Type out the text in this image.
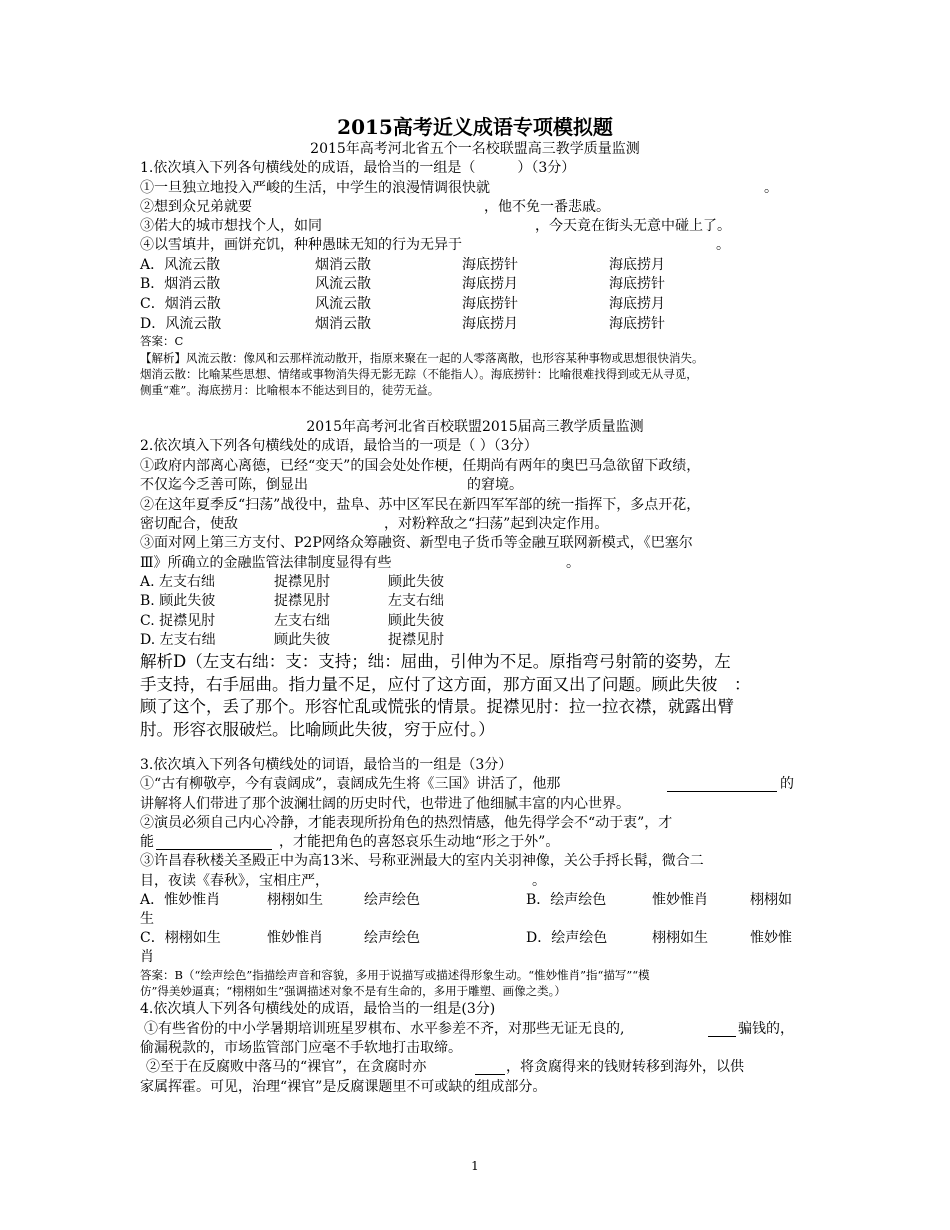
2015高考近义成语专项模拟题
2015年高考河北省五个一名校联盟高三教学质量监测
1.依次填入下列各句横线处的成语，最恰当的一组是（　　　）（3分）
①一旦独立地投入严峻的生活，中学生的浪漫情调很快就	。
②想到众兄弟就要	，他不免一番悲戚。
③偌大的城市想找个人，如同	，今天竟在街头无意中碰上了。
④以雪填井，画饼充饥，种种愚昧无知的行为无异于	。
A．风流云散	烟消云散	海底捞针	海底捞月
B．烟消云散	风流云散	海底捞月	海底捞针
C．烟消云散	风流云散	海底捞针	海底捞月
D．风流云散	烟消云散	海底捞月	海底捞针
答案：C
【解析】风流云散：像风和云那样流动散开，指原来聚在一起的人零落离散，也形容某种事物或思想很快消失。
烟消云散：比喻某些思想、情绪或事物消失得无影无踪（不能指人）。海底捞针：比喻很难找得到或无从寻觅，
侧重“难”。海底捞月：比喻根本不能达到目的，徒劳无益。
2015年高考河北省百校联盟2015届高三教学质量监测
2.依次填入下列各句横线处的成语，最恰当的一项是（ ）（3分）
①政府内部离心离德，已经“变天”的国会处处作梗，任期尚有两年的奥巴马急欲留下政绩，
不仅迄今乏善可陈，倒显出	的窘境。
②在这年夏季反“扫荡”战役中，盐阜、苏中区军民在新四军军部的统一指挥下，多点开花，
密切配合，使敌	，对粉粹敌之“扫荡”起到决定作用。
③面对网上第三方支付、P2P网络众筹融资、新型电子货币等金融互联网新模式，《巴塞尔
Ⅲ》所确立的金融监管法律制度显得有些	。
A. 左支右绌	捉襟见肘	顾此失彼
B. 顾此失彼	捉襟见肘	左支右绌
C. 捉襟见肘	左支右绌	顾此失彼
D. 左支右绌	顾此失彼	捉襟见肘
解析D（左支右绌：支：支持；绌：屈曲，引伸为不足。原指弯弓射箭的姿势，左
手支持，右手屈曲。指力量不足，应付了这方面，那方面又出了问题。顾此失彼　：
顾了这个，丢了那个。形容忙乱或慌张的情景。捉襟见肘：拉一拉衣襟，就露出臂
肘。形容衣服破烂。比喻顾此失彼，穷于应付。）
3.依次填入下列各句横线处的词语，最恰当的一组是（3分）
①“古有柳敬亭，今有袁阔成”，袁阔成先生将《三国》讲活了，他那	的
讲解将人们带进了那个波澜壮阔的历史时代，也带进了他细腻丰富的内心世界。
②演员必须自己内心冷静，才能表现所扮角色的热烈情感，他先得学会不“动于衷”，才
能	，才能把角色的喜怒哀乐生动地“形之于外”。
③许昌春秋楼关圣殿正中为高13米、号称亚洲最大的室内关羽神像，关公手捋长髯，微合二
目，夜读《春秋》，宝相庄严，	。
A．惟妙惟肖	栩栩如生	绘声绘色	B．绘声绘色	惟妙惟肖	栩栩如
生
C．栩栩如生	惟妙惟肖	绘声绘色	D．绘声绘色	栩栩如生	惟妙惟
肖
答案：B（“绘声绘色”指描绘声音和容貌，多用于说描写或描述得形象生动。“惟妙惟肖”指“描写”“模
仿”得美妙逼真；“栩栩如生”强调描述对象不是有生命的，多用于雕塑、画像之类。）
4.依次填人下列各句横线处的成语，最恰当的一组是(3分)
①有些省份的中小学暑期培训班星罗棋布、水平参差不齐，对那些无证无良的,	骗钱的，
偷漏税款的，市场监管部门应毫不手软地打击取缔。
②至于在反腐败中落马的“裸官”，在贪腐时亦	，将贪腐得来的钱财转移到海外，以供
家属挥霍。可见，治理“裸官”是反腐课题里不可或缺的组成部分。
1
